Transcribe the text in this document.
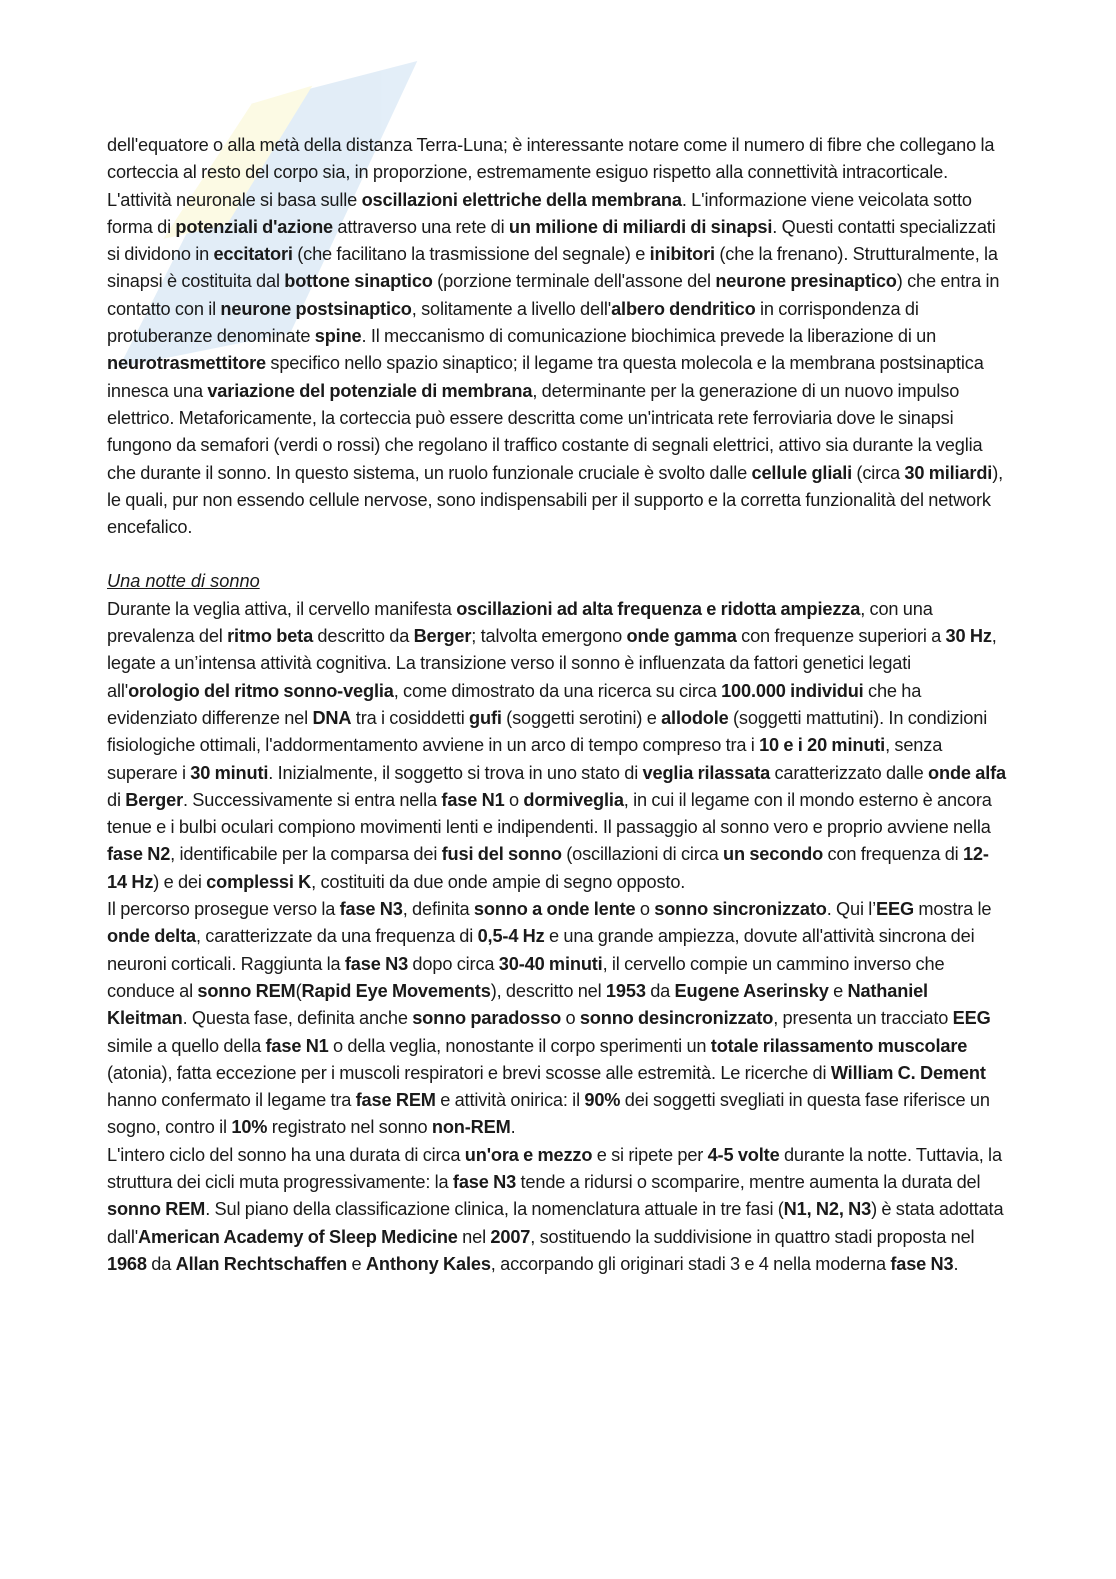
dell'equatore o alla metà della distanza Terra-Luna; è interessante notare come il numero di fibre che collegano la corteccia al resto del corpo sia, in proporzione, estremamente esiguo rispetto alla connettività intracorticale. L'attività neuronale si basa sulle oscillazioni elettriche della membrana. L'informazione viene veicolata sotto forma di potenziali d'azione attraverso una rete di un milione di miliardi di sinapsi. Questi contatti specializzati si dividono in eccitatori (che facilitano la trasmissione del segnale) e inibitori (che la frenano). Strutturalmente, la sinapsi è costituita dal bottone sinaptico (porzione terminale dell'assone del neurone presinaptico) che entra in contatto con il neurone postsinaptico, solitamente a livello dell'albero dendritico in corrispondenza di protuberanze denominate spine. Il meccanismo di comunicazione biochimica prevede la liberazione di un neurotrasmettitore specifico nello spazio sinaptico; il legame tra questa molecola e la membrana postsinaptica innesca una variazione del potenziale di membrana, determinante per la generazione di un nuovo impulso elettrico. Metaforicamente, la corteccia può essere descritta come un'intricata rete ferroviaria dove le sinapsi fungono da semafori (verdi o rossi) che regolano il traffico costante di segnali elettrici, attivo sia durante la veglia che durante il sonno. In questo sistema, un ruolo funzionale cruciale è svolto dalle cellule gliali (circa 30 miliardi), le quali, pur non essendo cellule nervose, sono indispensabili per il supporto e la corretta funzionalità del network encefalico.

Una notte di sonno

Durante la veglia attiva, il cervello manifesta oscillazioni ad alta frequenza e ridotta ampiezza, con una prevalenza del ritmo beta descritto da Berger; talvolta emergono onde gamma con frequenze superiori a 30 Hz, legate a un’intensa attività cognitiva. La transizione verso il sonno è influenzata da fattori genetici legati all'orologio del ritmo sonno-veglia, come dimostrato da una ricerca su circa 100.000 individui che ha evidenziato differenze nel DNA tra i cosiddetti gufi (soggetti serotini) e allodole (soggetti mattutini). In condizioni fisiologiche ottimali, l'addormentamento avviene in un arco di tempo compreso tra i 10 e i 20 minuti, senza superare i 30 minuti. Inizialmente, il soggetto si trova in uno stato di veglia rilassata caratterizzato dalle onde alfa di Berger. Successivamente si entra nella fase N1 o dormiveglia, in cui il legame con il mondo esterno è ancora tenue e i bulbi oculari compiono movimenti lenti e indipendenti. Il passaggio al sonno vero e proprio avviene nella fase N2, identificabile per la comparsa dei fusi del sonno (oscillazioni di circa un secondo con frequenza di 12-14 Hz) e dei complessi K, costituiti da due onde ampie di segno opposto.

Il percorso prosegue verso la fase N3, definita sonno a onde lente o sonno sincronizzato. Qui l’EEG mostra le onde delta, caratterizzate da una frequenza di 0,5-4 Hz e una grande ampiezza, dovute all'attività sincrona dei neuroni corticali. Raggiunta la fase N3 dopo circa 30-40 minuti, il cervello compie un cammino inverso che conduce al sonno REM(Rapid Eye Movements), descritto nel 1953 da Eugene Aserinsky e Nathaniel Kleitman. Questa fase, definita anche sonno paradosso o sonno desincronizzato, presenta un tracciato EEG simile a quello della fase N1 o della veglia, nonostante il corpo sperimenti un totale rilassamento muscolare (atonia), fatta eccezione per i muscoli respiratori e brevi scosse alle estremità. Le ricerche di William C. Dement hanno confermato il legame tra fase REM e attività onirica: il 90% dei soggetti svegliati in questa fase riferisce un sogno, contro il 10% registrato nel sonno non-REM.

L'intero ciclo del sonno ha una durata di circa un'ora e mezzo e si ripete per 4-5 volte durante la notte. Tuttavia, la struttura dei cicli muta progressivamente: la fase N3 tende a ridursi o scomparire, mentre aumenta la durata del sonno REM. Sul piano della classificazione clinica, la nomenclatura attuale in tre fasi (N1, N2, N3) è stata adottata dall'American Academy of Sleep Medicine nel 2007, sostituendo la suddivisione in quattro stadi proposta nel 1968 da Allan Rechtschaffen e Anthony Kales, accorpando gli originari stadi 3 e 4 nella moderna fase N3.
